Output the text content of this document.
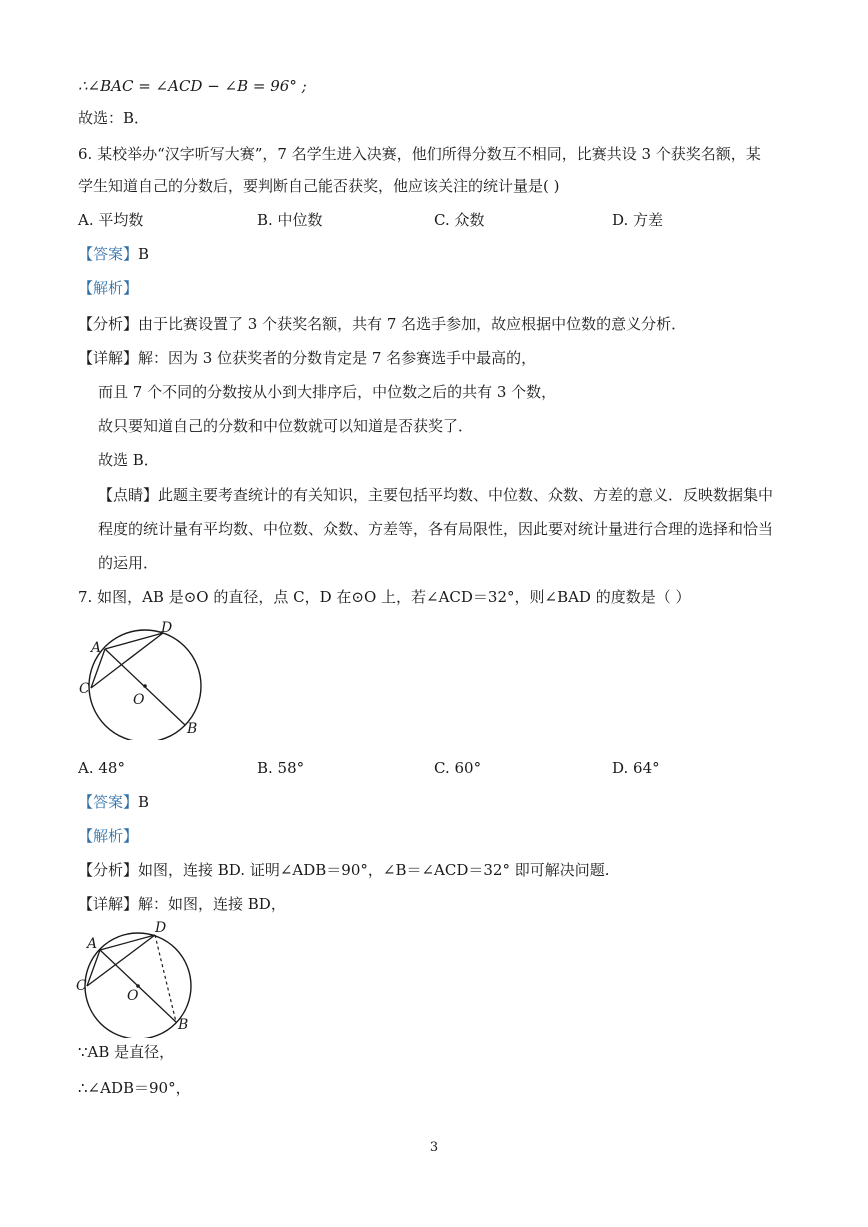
∴∠BAC = ∠ACD − ∠B = 96° ;
故选：B．
6. 某校举办“汉字听写大赛”，7 名学生进入决赛，他们所得分数互不相同，比赛共设 3 个获奖名额，某
学生知道自己的分数后，要判断自己能否获奖，他应该关注的统计量是( )
A. 平均数	B. 中位数	C. 众数	D. 方差
【答案】B
【解析】
【分析】由于比赛设置了 3 个获奖名额，共有 7 名选手参加，故应根据中位数的意义分析．
【详解】解：因为 3 位获奖者的分数肯定是 7 名参赛选手中最高的，
而且 7 个不同的分数按从小到大排序后，中位数之后的共有 3 个数，
故只要知道自己的分数和中位数就可以知道是否获奖了．
故选 B．
【点睛】此题主要考查统计的有关知识，主要包括平均数、中位数、众数、方差的意义．反映数据集中
程度的统计量有平均数、中位数、众数、方差等，各有局限性，因此要对统计量进行合理的选择和恰当
的运用．
7. 如图，AB 是⊙O 的直径，点 C，D 在⊙O 上，若∠ACD＝32°，则∠BAD 的度数是（ ）
A
D
C
O
B
A. 48°	B. 58°	C. 60°	D. 64°
【答案】B
【解析】
【分析】如图，连接 BD. 证明∠ADB＝90°，∠B＝∠ACD＝32° 即可解决问题.
【详解】解：如图，连接 BD，
A
D
C
O
B
∵AB 是直径，
∴∠ADB＝90°，
3
